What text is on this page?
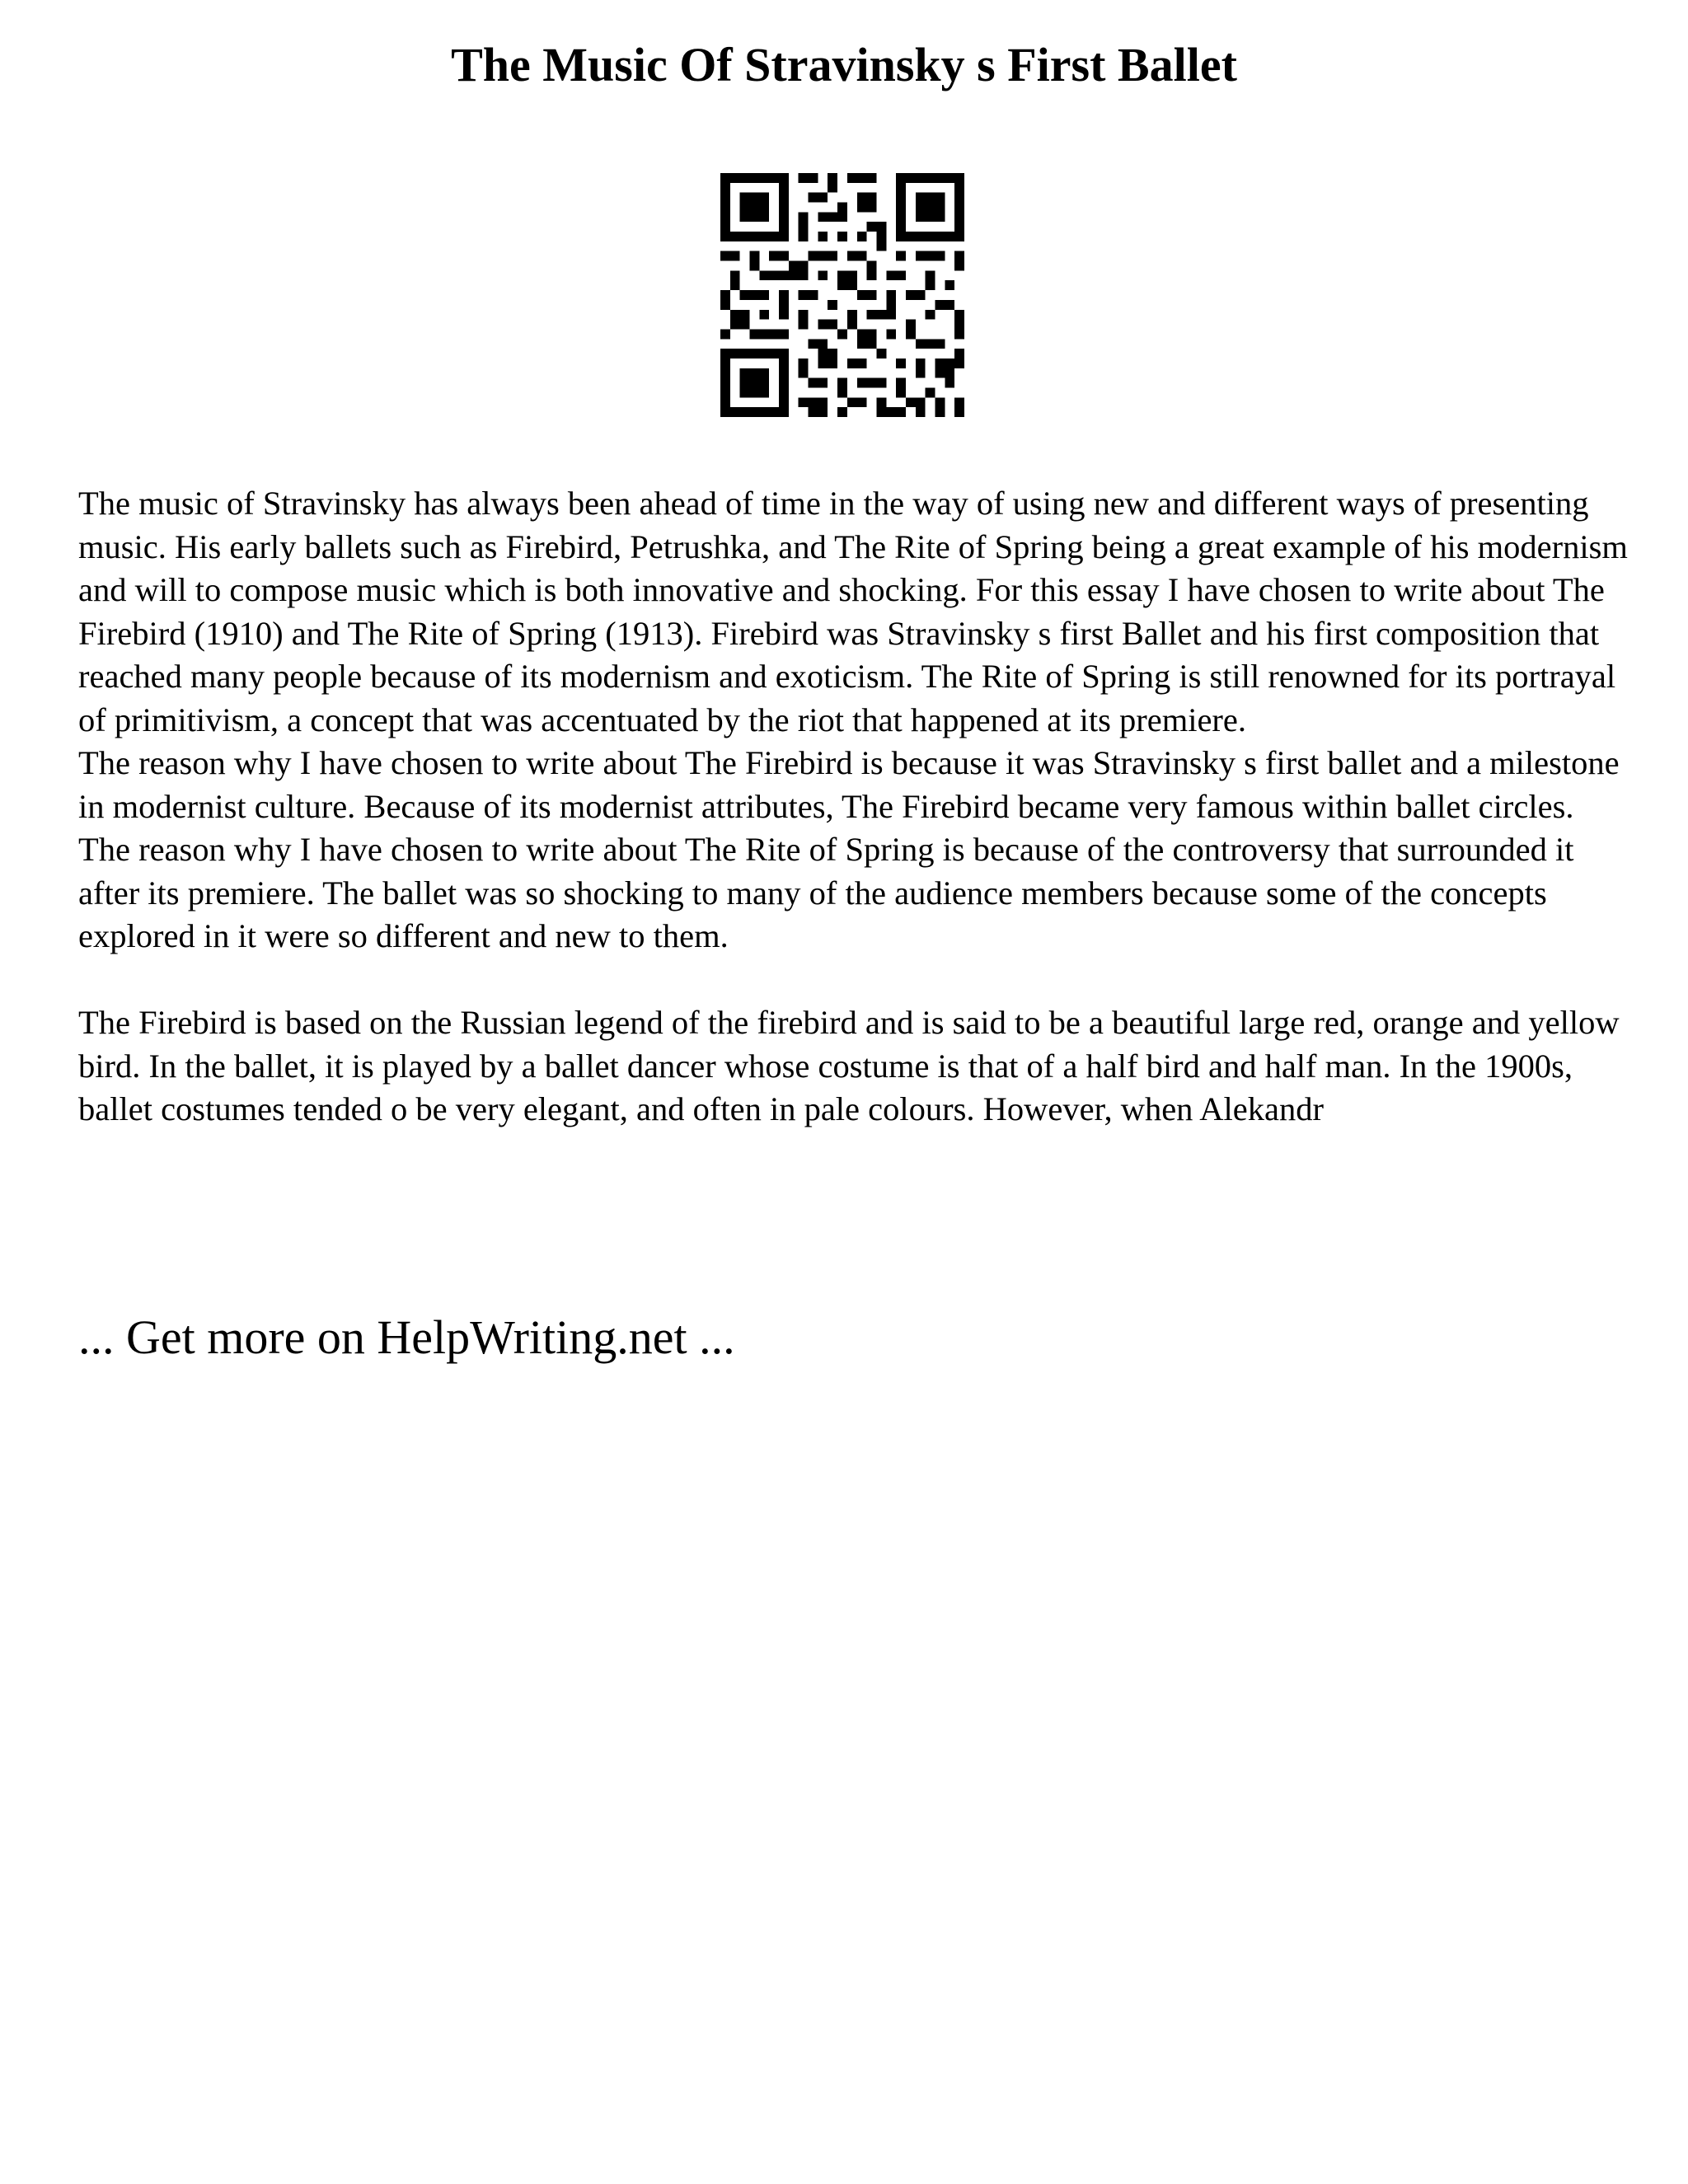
The Music Of Stravinsky s First Ballet

The music of Stravinsky has always been ahead of time in the way of using new and different ways of presenting music. His early ballets such as Firebird, Petrushka, and The Rite of Spring being a great example of his modernism and will to compose music which is both innovative and shocking. For this essay I have chosen to write about The Firebird (1910) and The Rite of Spring (1913). Firebird was Stravinsky s first Ballet and his first composition that reached many people because of its modernism and exoticism. The Rite of Spring is still renowned for its portrayal of primitivism, a concept that was accentuated by the riot that happened at its premiere.

The reason why I have chosen to write about The Firebird is because it was Stravinsky s first ballet and a milestone in modernist culture. Because of its modernist attributes, The Firebird became very famous within ballet circles.

The reason why I have chosen to write about The Rite of Spring is because of the controversy that surrounded it after its premiere. The ballet was so shocking to many of the audience members because some of the concepts explored in it were so different and new to them.

The Firebird is based on the Russian legend of the firebird and is said to be a beautiful large red, orange and yellow bird. In the ballet, it is played by a ballet dancer whose costume is that of a half bird and half man. In the 1900s, ballet costumes tended o be very elegant, and often in pale colours. However, when Alekandr

... Get more on HelpWriting.net ...
